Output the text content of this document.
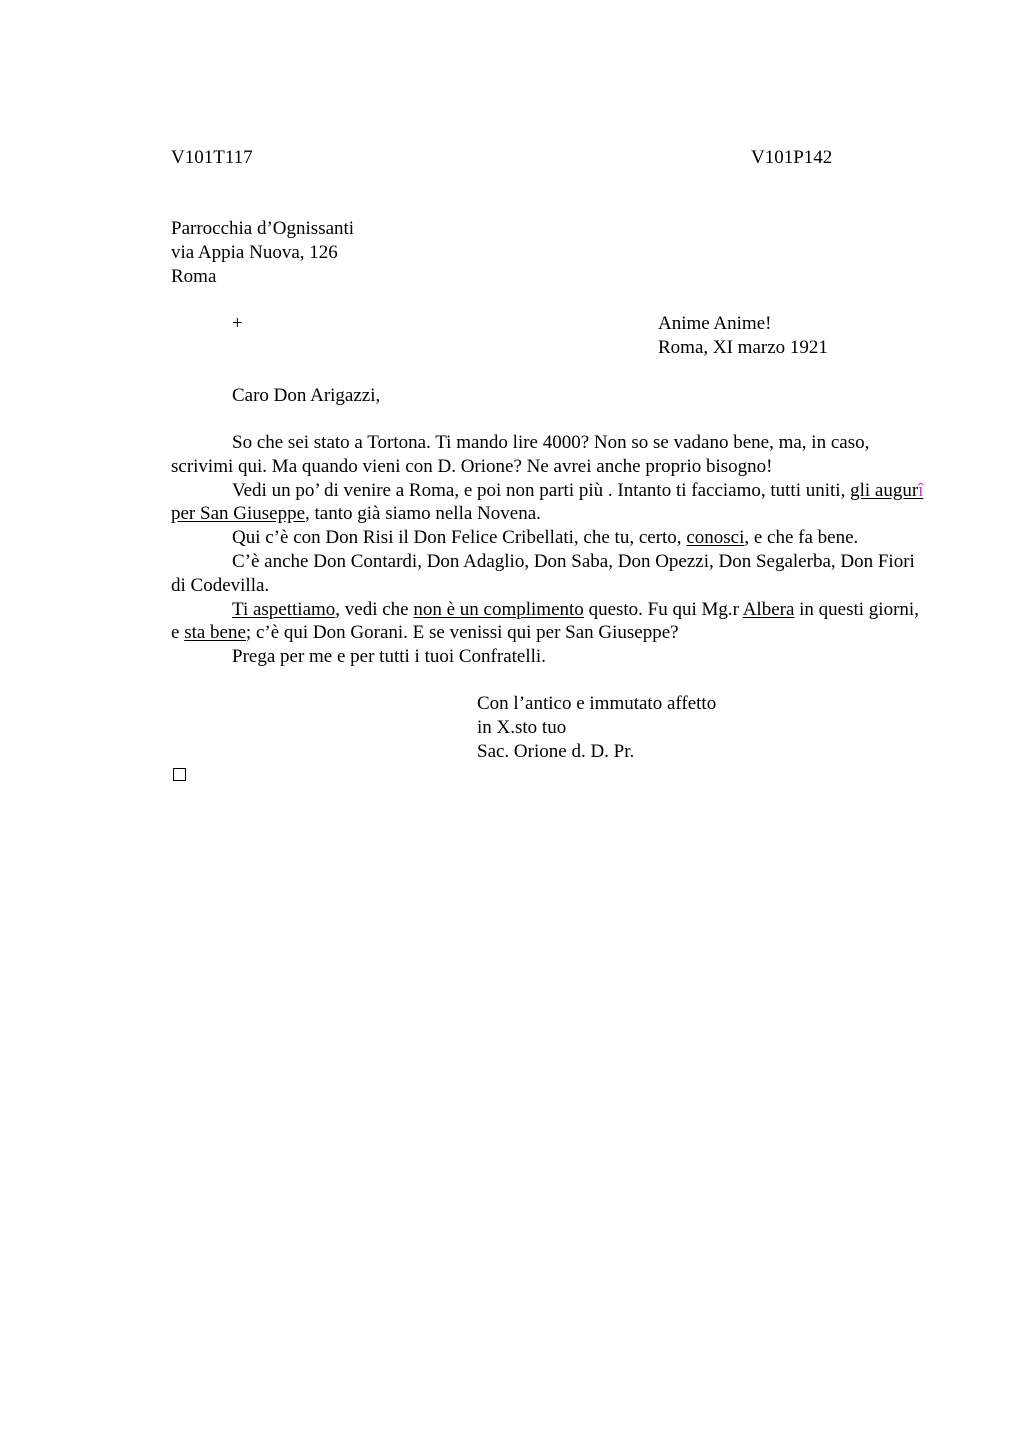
V101T117	V101P142
Parrocchia d’Ognissanti
via Appia Nuova, 126
Roma
+	Anime Anime!
Roma, XI marzo 1921
Caro Don Arigazzi,

So che sei stato a Tortona. Ti mando lire 4000? Non so se vadano bene, ma, in caso, scrivimi qui. Ma quando vieni con D. Orione? Ne avrei anche proprio bisogno!

Vedi un po’ di venire a Roma, e poi non parti più . Intanto ti facciamo, tutti uniti, gli augurî per San Giuseppe, tanto già siamo nella Novena.

Qui c’è con Don Risi il Don Felice Cribellati, che tu, certo, conosci, e che fa bene.

C’è anche Don Contardi, Don Adaglio, Don Saba, Don Opezzi, Don Segalerba, Don Fiori di Codevilla.

Ti aspettiamo, vedi che non è un complimento questo. Fu qui Mg.r Albera in questi giorni, e sta bene; c’è qui Don Gorani. E se venissi qui per San Giuseppe?

Prega per me e per tutti i tuoi Confratelli.

Con l’antico e immutato affetto
in X.sto tuo
Sac. Orione d. D. Pr.
